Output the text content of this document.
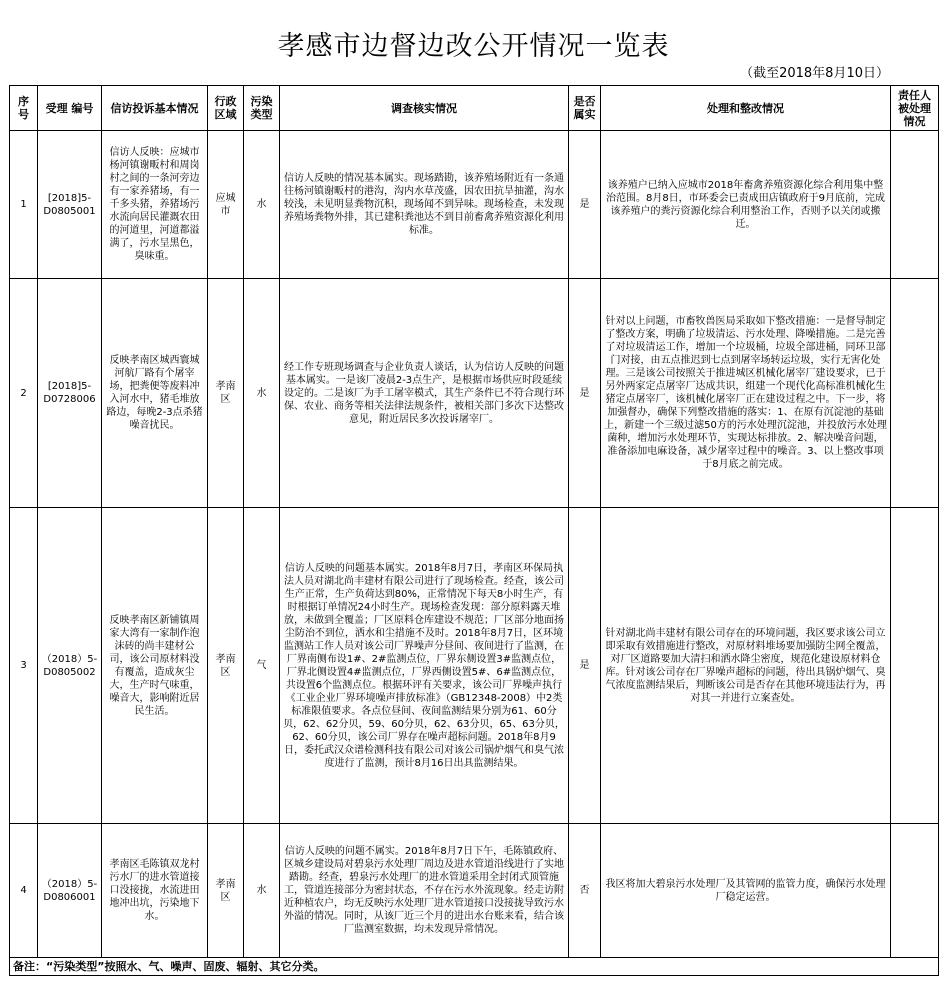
孝感市边督边改公开情况一览表
（截至2018年8月10日）
序号	受理 编号	信访投诉基本情况	行政区域	污染类型	调查核实情况	是否属实	处理和整改情况	责任人被处理情况
1	[2018]5-D0805001	信访人反映：应城市杨河镇谢畈村和周岗村之间的一条河旁边有一家养猪场，有一千多头猪，养猪场污水流向居民灌溉农田的河道里，河道都溢满了，污水呈黑色，臭味重。	应城市	水	信访人反映的情况基本属实。现场踏勘，该养殖场附近有一条通往杨河镇谢畈村的港沟，沟内水草茂盛，因农田抗旱抽灌，沟水较浅，未见明显粪物沉积，现场闻不到异味。现场检查，未发现养殖场粪物外排，其已建积粪池达不到目前畜禽养殖资源化利用标准。	是	该养殖户已纳入应城市2018年畜禽养殖资源化综合利用集中整治范围。8月8日，市环委会已责成田店镇政府于9月底前，完成该养殖户的粪污资源化综合利用整治工作，否则予以关闭或搬迁。	
2	[2018]5-D0728006	反映孝南区城西寰城河航厂路有个屠宰场，把粪便等废料冲入河水中，猪毛堆放路边，每晚2-3点杀猪噪音扰民。	孝南区	水	经工作专班现场调查与企业负责人谈话，认为信访人反映的问题基本属实。一是该厂凌晨2-3点生产，是根据市场供应时段延续设定的。二是该厂为手工屠宰模式，其生产条件已不符合现行环保、农业、商务等相关法律法规条件，被相关部门多次下达整改意见，附近居民多次投诉屠宰厂。	是	针对以上问题，市畜牧兽医局采取如下整改措施：一是督导制定了整改方案，明确了垃圾清运、污水处理、降噪措施。二是完善了对垃圾清运工作，增加一个垃圾桶，垃圾全部进桶，同环卫部门对接，由五点推迟到七点到屠宰场转运垃圾，实行无害化处理。三是该公司按照关于推进城区机械化屠宰厂建设要求，已于另外两家定点屠宰厂达成共识，组建一个现代化高标准机械化生猪定点屠宰厂，该机械化屠宰厂正在建设过程之中。下一步，将加强督办，确保下列整改措施的落实：1、在原有沉淀池的基础上，新建一个三级过滤50方的污水处理沉淀池，并投放污水处理菌种，增加污水处理环节，实现达标排放。2、解决噪音问题，准备添加电麻设备，减少屠宰过程中的噪音。3、以上整改事项于8月底之前完成。	
3	（2018）5-D0805002	反映孝南区新铺镇周家大湾有一家制作泡沫砖的尚丰建材公司，该公司原材料没有覆盖，造成灰尘大，生产时气味重，噪音大，影响附近居民生活。	孝南区	气	信访人反映的问题基本属实。2018年8月7日，孝南区环保局执法人员对湖北尚丰建材有限公司进行了现场检查。经查，该公司生产正常，生产负荷达到80%，正常情况下每天8小时生产，有时根据订单情况24小时生产。现场检查发现：部分原料露天堆放，未做到全覆盖；厂区原料仓库建设不规范；厂区部分地面扬尘防治不到位，洒水和尘措施不及时。2018年8月7日，区环境监测站工作人员对该公司厂界噪声分昼间、夜间进行了监测，在厂界南侧布设1#、2#监测点位，厂界东侧设置3#监测点位，厂界北侧设置4#监测点位，厂界西侧设置5#、6#监测点位，共设置6个监测点位。根据环评有关要求，该公司厂界噪声执行《工业企业厂界环境噪声排放标准》（GB12348-2008）中2类标准限值要求。各点位昼间、夜间监测结果分别为61、60分贝，62、62分贝，59、60分贝，62、63分贝，65、63分贝，62、60分贝，该公司厂界存在噪声超标问题。2018年8月9日，委托武汉众谱检测科技有限公司对该公司锅炉烟气和臭气浓度进行了监测，预计8月16日出具监测结果。	是	针对湖北尚丰建材有限公司存在的环境问题，我区要求该公司立即采取有效措施进行整改，对原材料堆场要加强防尘网全覆盖，对厂区道路要加大清扫和洒水降尘密度，规范化建设原材料仓库。针对该公司存在厂界噪声超标的问题，待出具锅炉烟气、臭气浓度监测结果后，判断该公司是否存在其他环境违法行为，再对其一并进行立案查处。	
4	（2018）5-D0806001	孝南区毛陈镇双龙村污水厂的进水管道接口没接拢，水流进田地冲出坑，污染地下水。	孝南区	水	信访人反映的问题不属实。2018年8月7日下午，毛陈镇政府、区城乡建设局对碧泉污水处理厂周边及进水管道沿线进行了实地踏勘。经查，碧泉污水处理厂的进水管道采用全封闭式顶管施工，管道连接部分为密封状态，不存在污水外流现象。经走访附近种植农户，均无反映污水处理厂进水管道接口没接拢导致污水外溢的情况。同时，从该厂近三个月的进出水台账来看，结合该厂监测室数据，均未发现异常情况。	否	我区将加大碧泉污水处理厂及其管网的监管力度，确保污水处理厂稳定运营。	
备注：“污染类型”按照水、气、噪声、固废、辐射、其它分类。								
